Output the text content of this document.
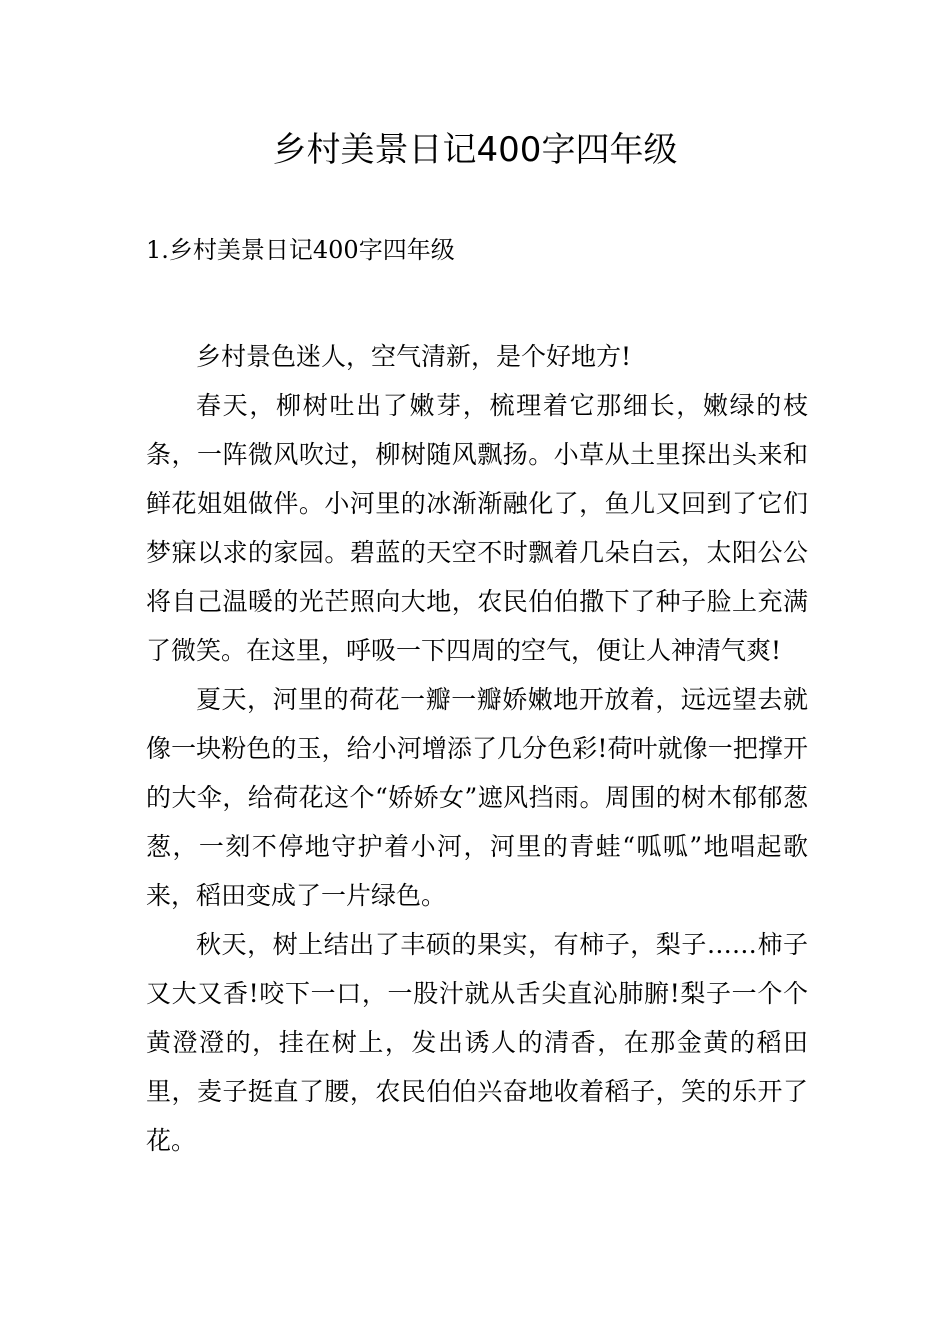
乡村美景日记400字四年级
1.乡村美景日记400字四年级

乡村景色迷人，空气清新，是个好地方!

春天，柳树吐出了嫩芽，梳理着它那细长，嫩绿的枝条，一阵微风吹过，柳树随风飘扬。小草从土里探出头来和鲜花姐姐做伴。小河里的冰渐渐融化了，鱼儿又回到了它们梦寐以求的家园。碧蓝的天空不时飘着几朵白云，太阳公公将自己温暖的光芒照向大地，农民伯伯撒下了种子脸上充满了微笑。在这里，呼吸一下四周的空气，便让人神清气爽!

夏天，河里的荷花一瓣一瓣娇嫩地开放着，远远望去就像一块粉色的玉，给小河增添了几分色彩!荷叶就像一把撑开的大伞，给荷花这个“娇娇女”遮风挡雨。周围的树木郁郁葱葱，一刻不停地守护着小河，河里的青蛙“呱呱”地唱起歌来，稻田变成了一片绿色。

秋天，树上结出了丰硕的果实，有柿子，梨子……柿子又大又香!咬下一口，一股汁就从舌尖直沁肺腑!梨子一个个黄澄澄的，挂在树上，发出诱人的清香，在那金黄的稻田里，麦子挺直了腰，农民伯伯兴奋地收着稻子，笑的乐开了花。
